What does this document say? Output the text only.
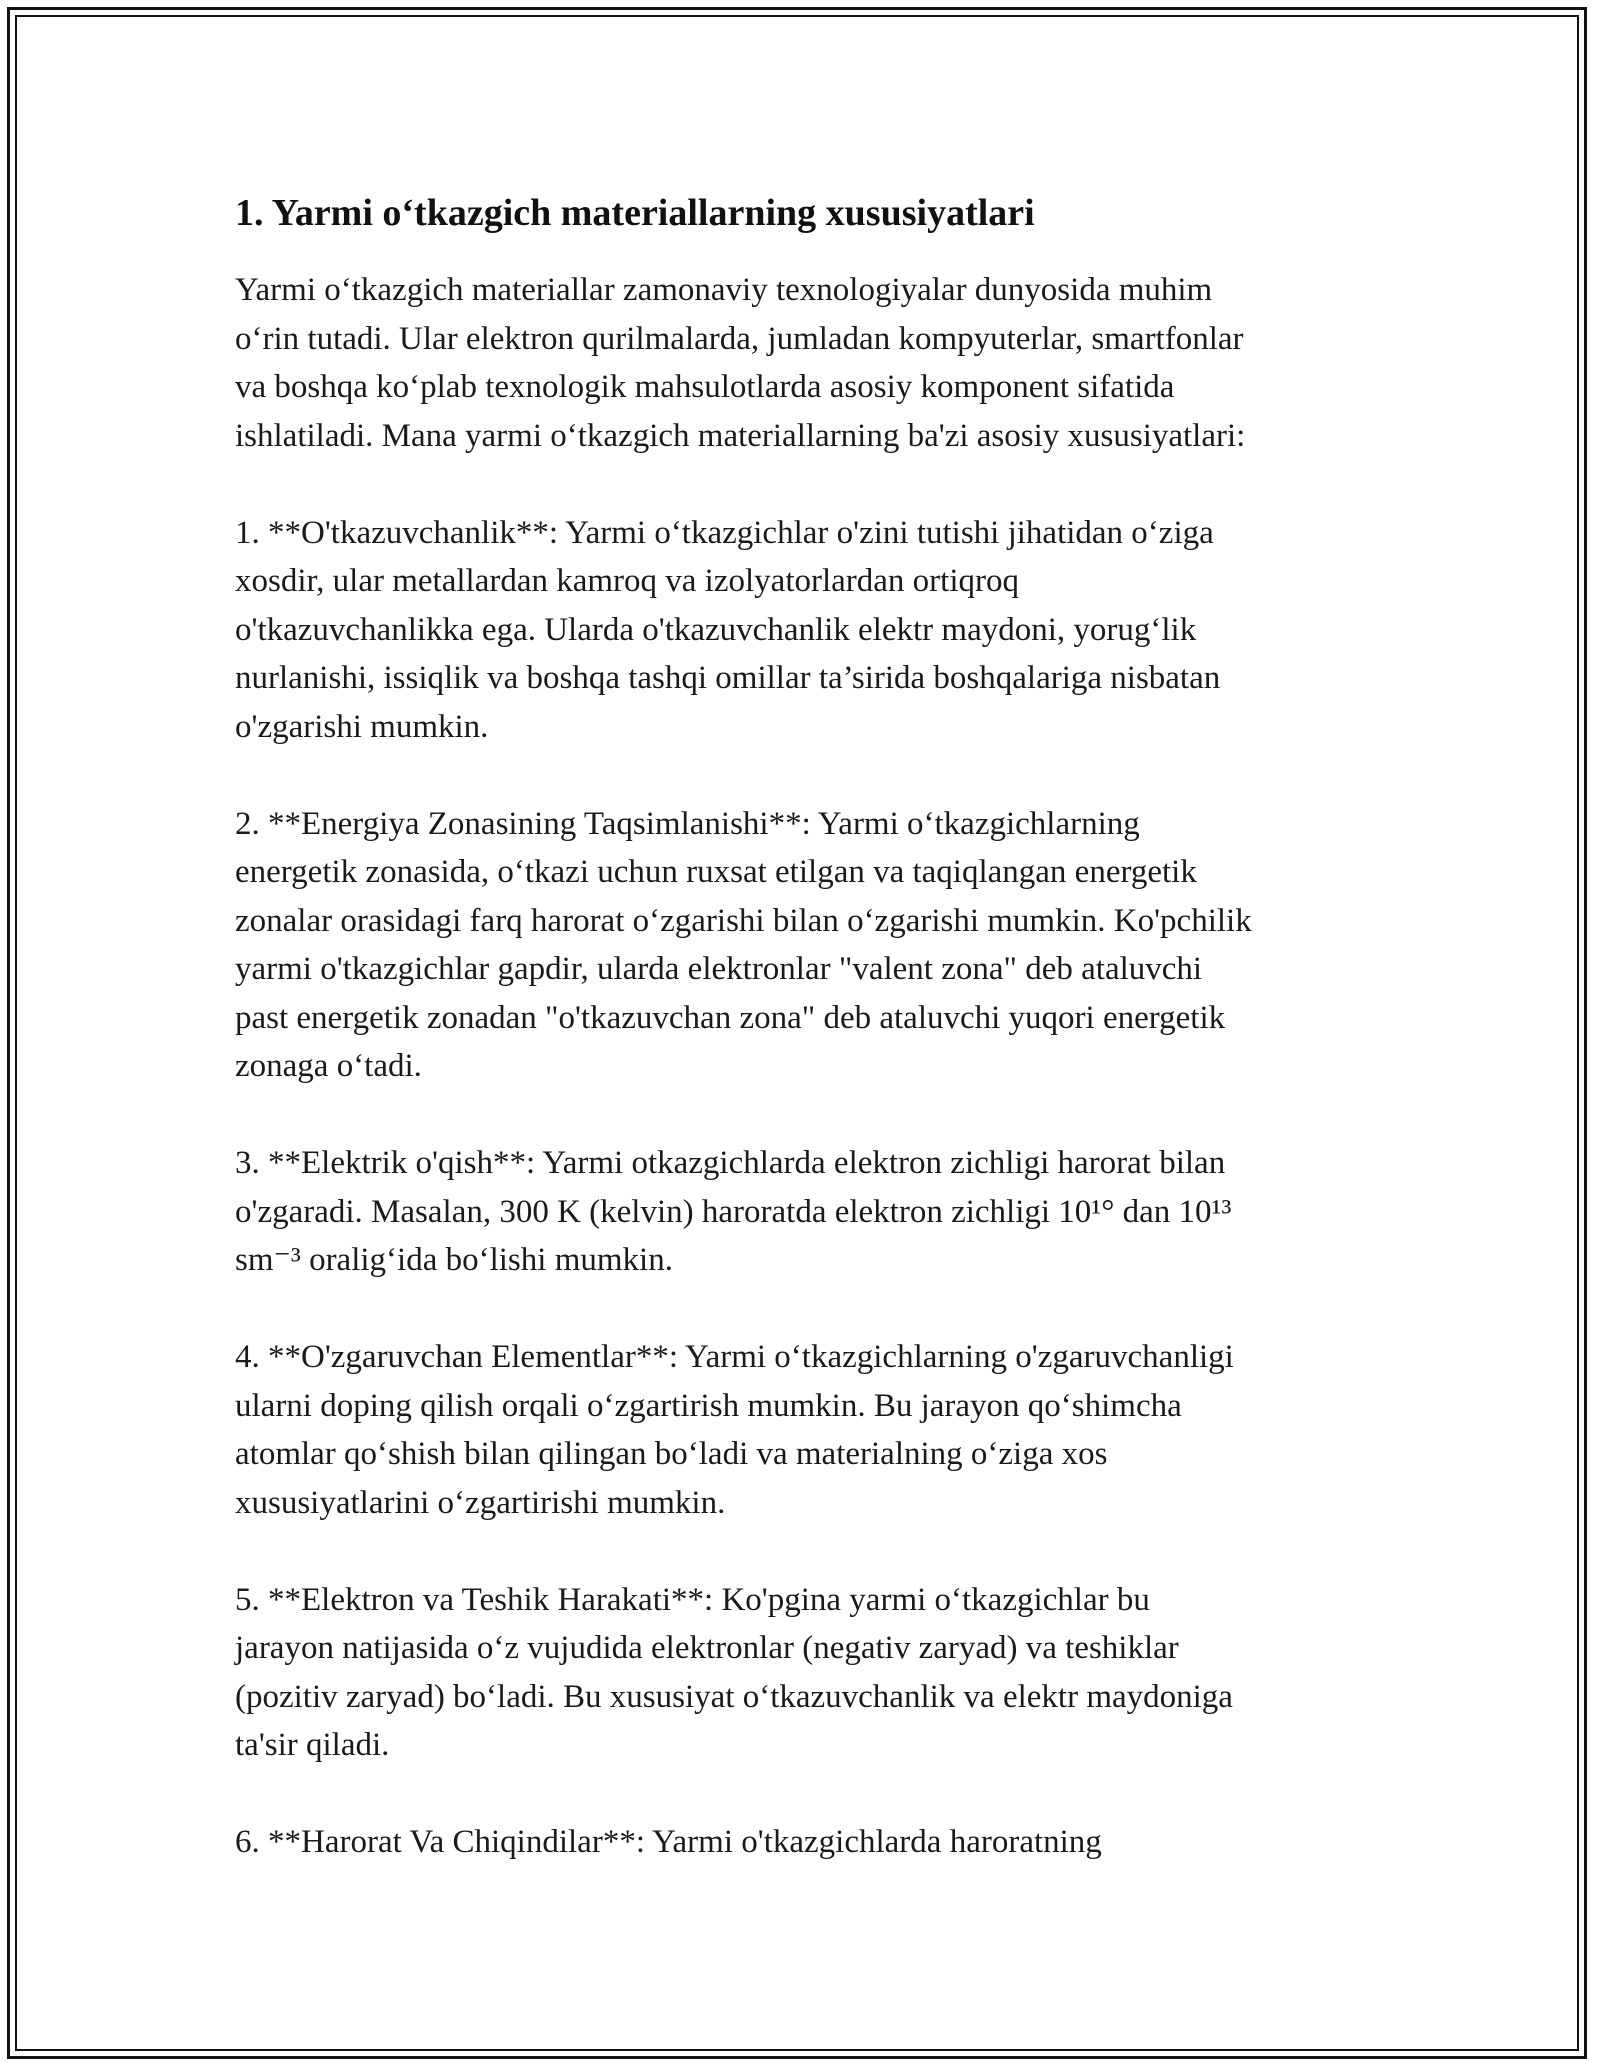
1. Yarmi o‘tkazgich materiallarning xususiyatlari
Yarmi o‘tkazgich materiallar zamonaviy texnologiyalar dunyosida muhim
o‘rin tutadi. Ular elektron qurilmalarda, jumladan kompyuterlar, smartfonlar
va boshqa ko‘plab texnologik mahsulotlarda asosiy komponent sifatida
ishlatiladi. Mana yarmi o‘tkazgich materiallarning ba'zi asosiy xususiyatlari:
1. **O'tkazuvchanlik**: Yarmi o‘tkazgichlar o'zini tutishi jihatidan o‘ziga
xosdir, ular metallardan kamroq va izolyatorlardan ortiqroq
o'tkazuvchanlikka ega. Ularda o'tkazuvchanlik elektr maydoni, yorug‘lik
nurlanishi, issiqlik va boshqa tashqi omillar ta’sirida boshqalariga nisbatan
o'zgarishi mumkin.
2. **Energiya Zonasining Taqsimlanishi**: Yarmi o‘tkazgichlarning
energetik zonasida, o‘tkazi uchun ruxsat etilgan va taqiqlangan energetik
zonalar orasidagi farq harorat o‘zgarishi bilan o‘zgarishi mumkin. Ko'pchilik
yarmi o'tkazgichlar gapdir, ularda elektronlar "valent zona" deb ataluvchi
past energetik zonadan "o'tkazuvchan zona" deb ataluvchi yuqori energetik
zonaga o‘tadi.
3. **Elektrik o'qish**: Yarmi otkazgichlarda elektron zichligi harorat bilan
o'zgaradi. Masalan, 300 K (kelvin) haroratda elektron zichligi 10¹° dan 10¹³
sm⁻³ oralig‘ida bo‘lishi mumkin.
4. **O'zgaruvchan Elementlar**: Yarmi o‘tkazgichlarning o'zgaruvchanligi
ularni doping qilish orqali o‘zgartirish mumkin. Bu jarayon qo‘shimcha
atomlar qo‘shish bilan qilingan bo‘ladi va materialning o‘ziga xos
xususiyatlarini o‘zgartirishi mumkin.
5. **Elektron va Teshik Harakati**: Ko'pgina yarmi o‘tkazgichlar bu
jarayon natijasida o‘z vujudida elektronlar (negativ zaryad) va teshiklar
(pozitiv zaryad) bo‘ladi. Bu xususiyat o‘tkazuvchanlik va elektr maydoniga
ta'sir qiladi.
6. **Harorat Va Chiqindilar**: Yarmi o'tkazgichlarda haroratning
